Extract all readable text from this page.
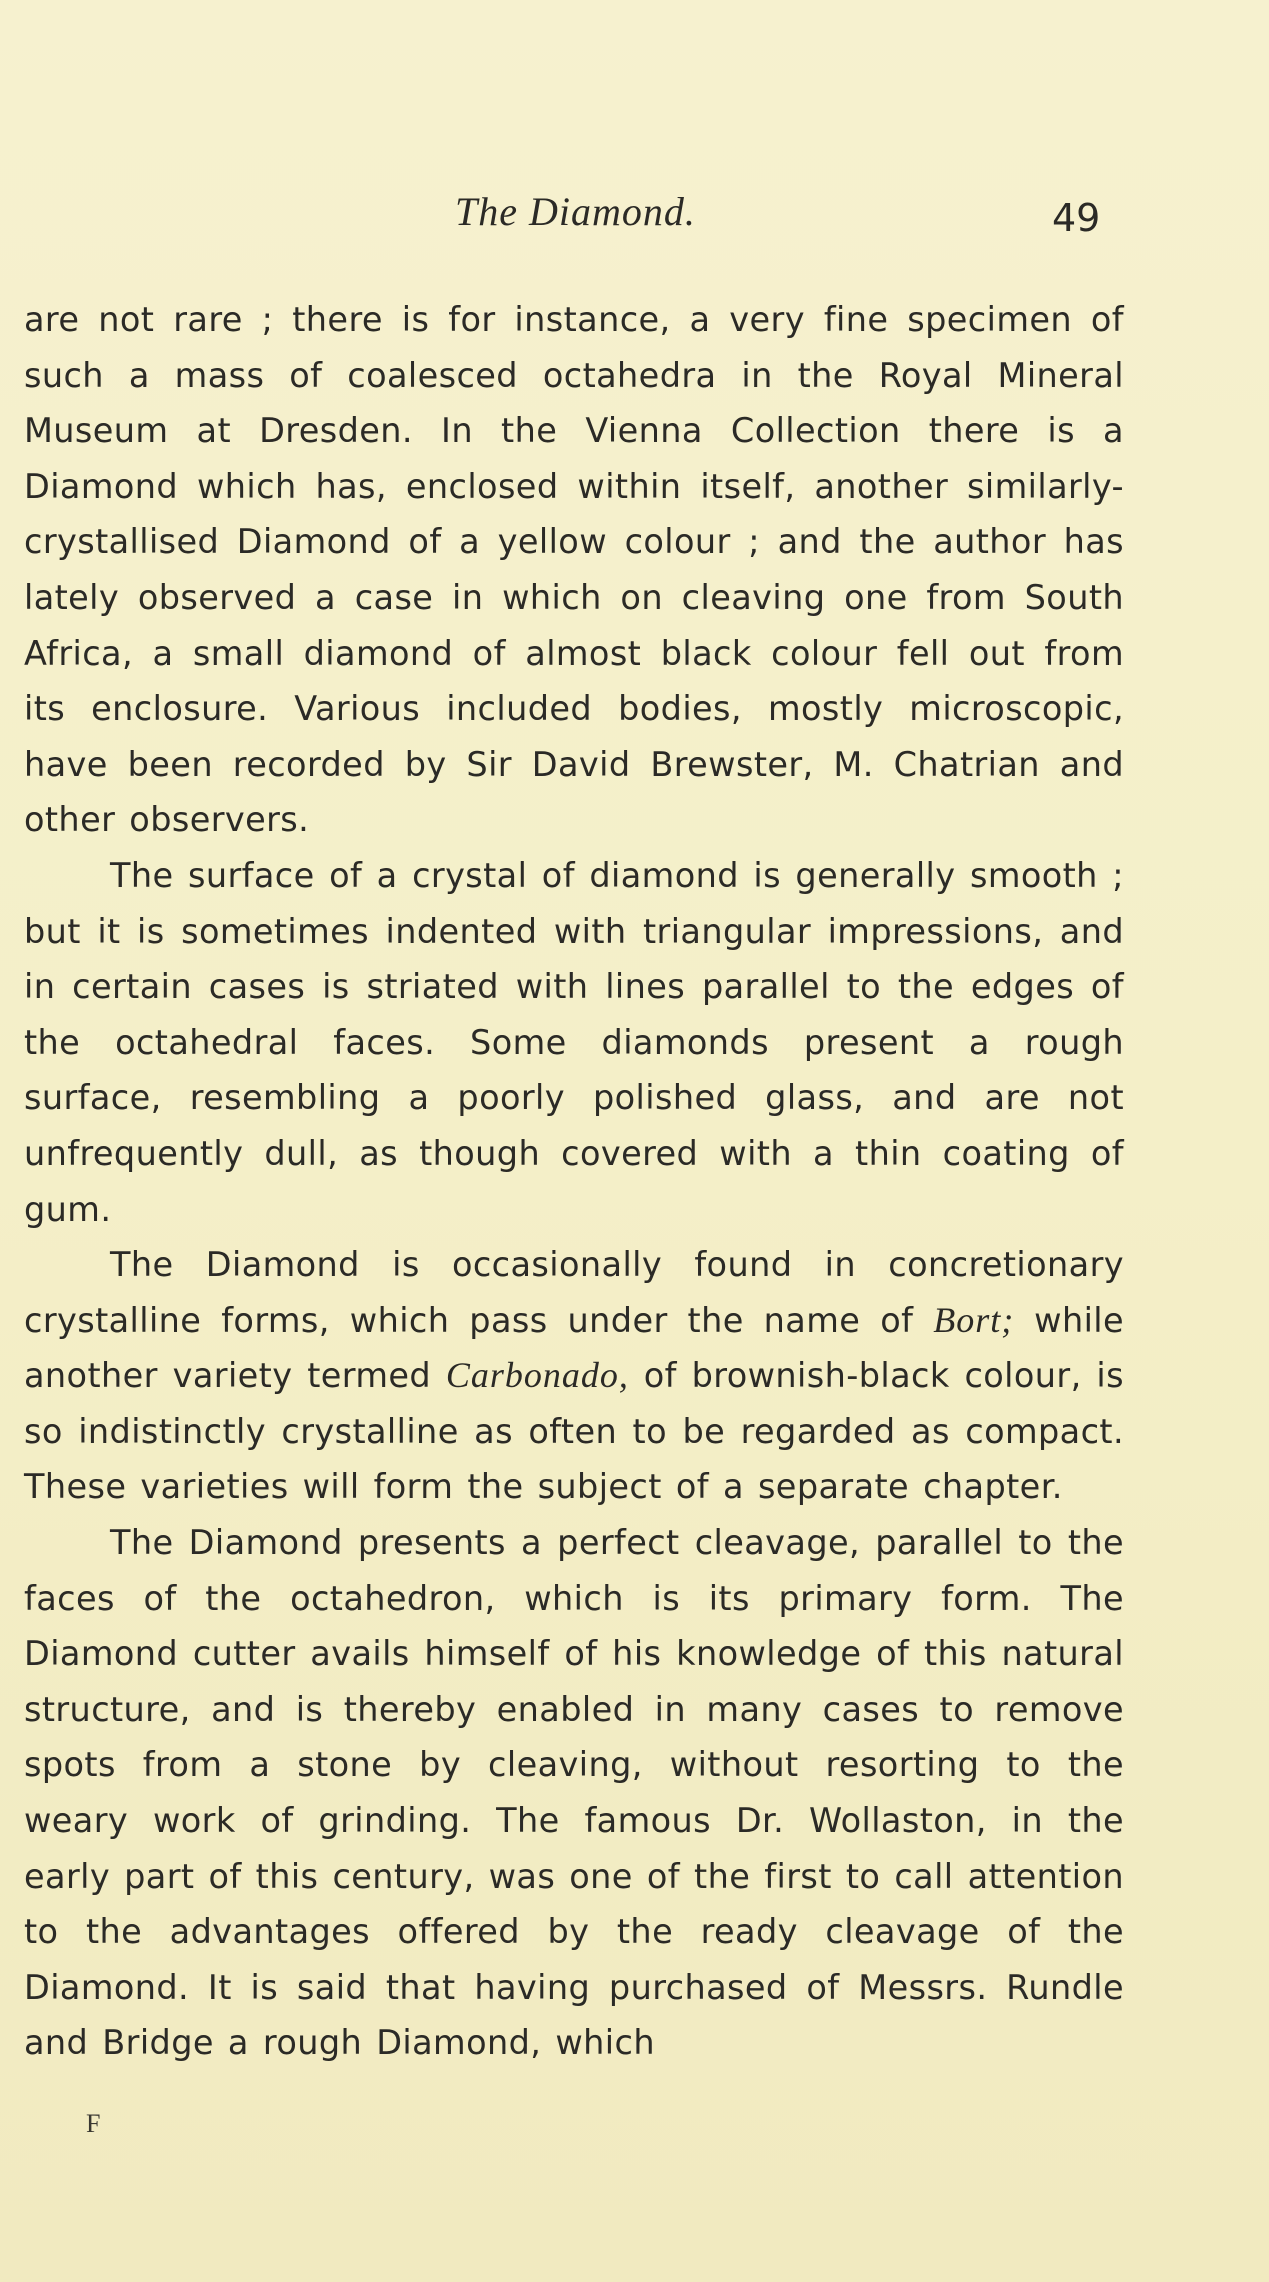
The Diamond.	49

are not rare ; there is for instance, a very fine specimen of such a mass of coalesced octahedra in the Royal Mineral Museum at Dresden. In the Vienna Collection there is a Diamond which has, enclosed within itself, another similarly-crystallised Diamond of a yellow colour ; and the author has lately observed a case in which on cleaving one from South Africa, a small diamond of almost black colour fell out from its enclosure. Various included bodies, mostly microscopic, have been recorded by Sir David Brewster, M. Chatrian and other observers.

The surface of a crystal of diamond is generally smooth ; but it is sometimes indented with triangular impressions, and in certain cases is striated with lines parallel to the edges of the octahedral faces. Some diamonds present a rough surface, resembling a poorly polished glass, and are not unfrequently dull, as though covered with a thin coating of gum.

The Diamond is occasionally found in concretionary crystalline forms, which pass under the name of Bort; while another variety termed Carbonado, of brownish-black colour, is so indistinctly crystalline as often to be regarded as compact. These varieties will form the subject of a separate chapter.

The Diamond presents a perfect cleavage, parallel to the faces of the octahedron, which is its primary form. The Diamond cutter avails himself of his knowledge of this natural structure, and is thereby enabled in many cases to remove spots from a stone by cleaving, without resorting to the weary work of grinding. The famous Dr. Wollaston, in the early part of this century, was one of the first to call attention to the advantages offered by the ready cleavage of the Diamond. It is said that having purchased of Messrs. Rundle and Bridge a rough Diamond, which

F
